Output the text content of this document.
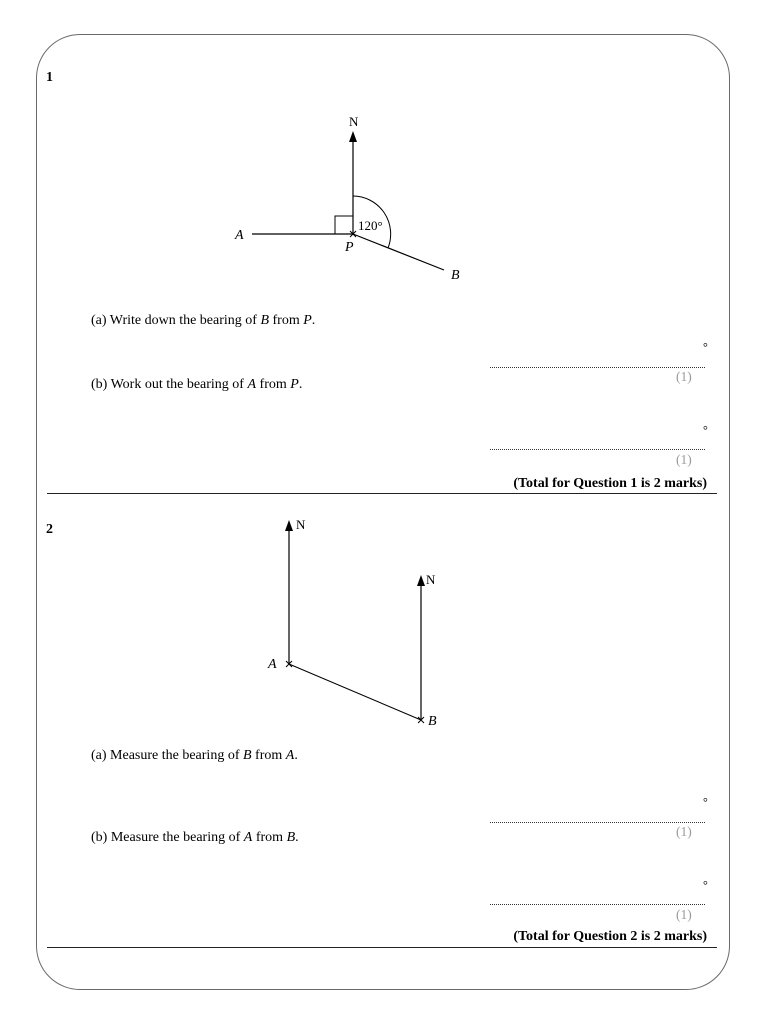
1
N
A
B
120°
P
(a) Write down the bearing of B from P.
°
(1)
(b) Work out the bearing of A from P.
°
(1)
(Total for Question 1 is 2 marks)
2	N
N
A
B
(a) Measure the bearing of B from A.
°
(1)
(b) Measure the bearing of A from B.
°
(1)
(Total for Question 2 is 2 marks)
